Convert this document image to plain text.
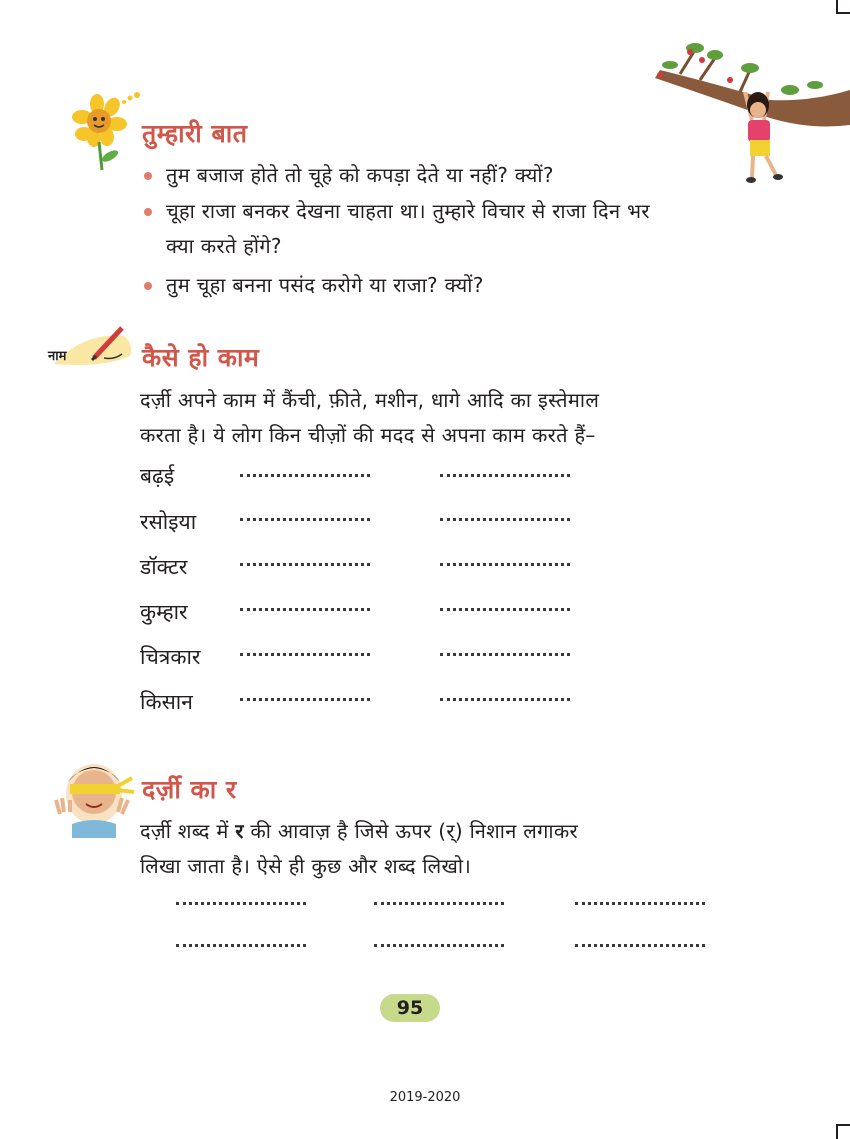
तुम्हारी बात
तुम बजाज होते तो चूहे को कपड़ा देते या नहीं? क्यों?
चूहा राजा बनकर देखना चाहता था। तुम्हारे विचार से राजा दिन भर
क्या करते होंगे?
तुम चूहा बनना पसंद करोगे या राजा? क्यों?
नाम	कैसे हो काम
दर्ज़ी अपने काम में कैंची, फ़ीते, मशीन, धागे आदि का इस्तेमाल
करता है। ये लोग किन चीज़ों की मदद से अपना काम करते हैं–
बढ़ई
रसोइया
डॉक्टर
कुम्हार
चित्रकार
किसान
दर्ज़ी का र
दर्ज़ी शब्द में र की आवाज़ है जिसे ऊपर (र्) निशान लगाकर
लिखा जाता है। ऐसे ही कुछ और शब्द लिखो।
95
2019-2020
